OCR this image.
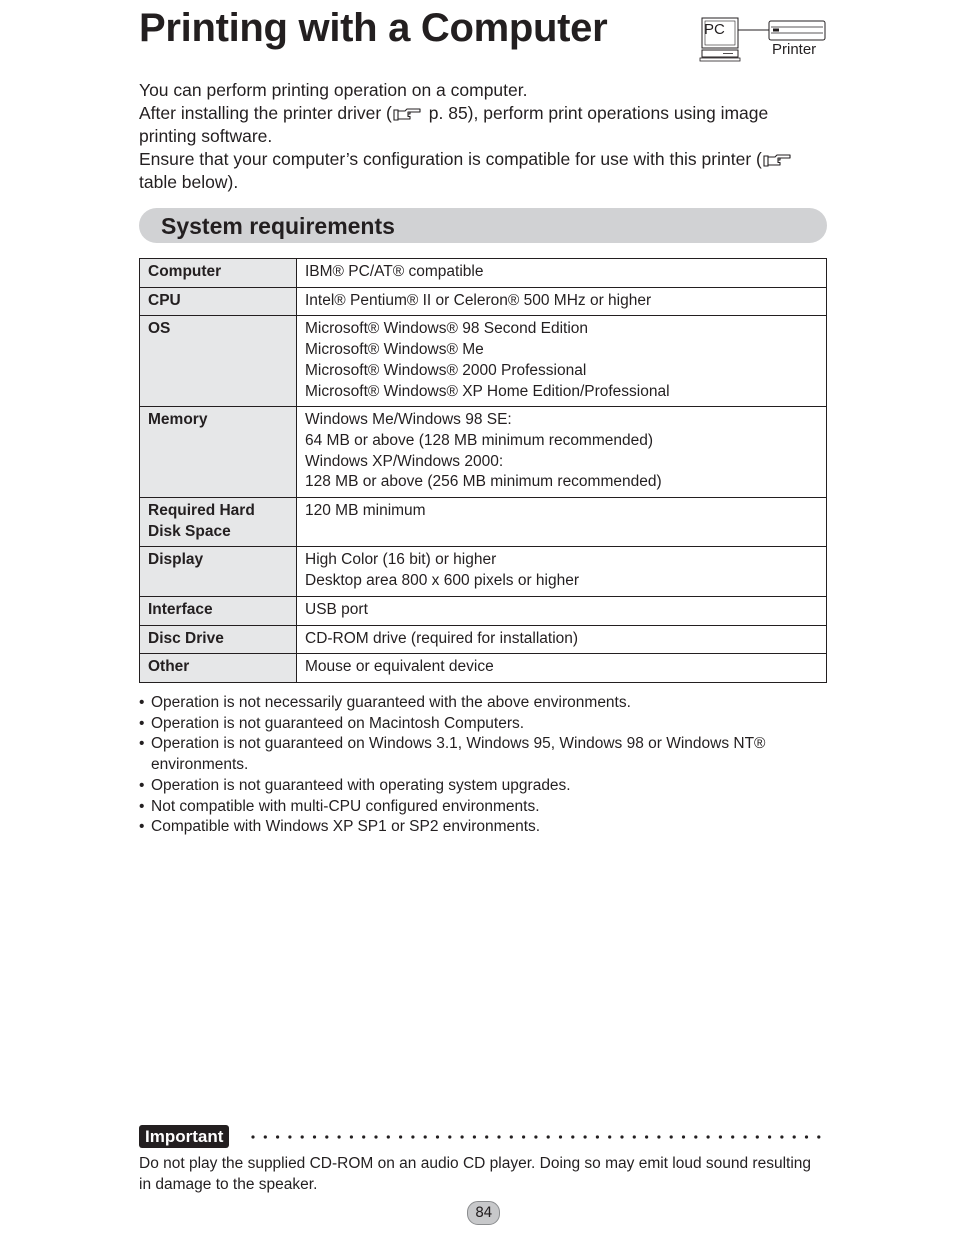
Printing with a Computer	PC
Printer

You can perform printing operation on a computer.

After installing the printer driver ( p. 85), perform print operations using image printing software.

Ensure that your computer’s configuration is compatible for use with this printer ( table below).

System requirements
Computer	IBM® PC/AT® compatible

CPU	Intel® Pentium® II or Celeron® 500 MHz or higher

OS	Microsoft® Windows® 98 Second Edition
Microsoft® Windows® Me
Microsoft® Windows® 2000 Professional
Microsoft® Windows® XP Home Edition/Professional

Memory	Windows Me/Windows 98 SE:
64 MB or above (128 MB minimum recommended)
Windows XP/Windows 2000:
128 MB or above (256 MB minimum recommended)

Required Hard Disk Space	120 MB minimum

Display	High Color (16 bit) or higher
Desktop area 800 x 600 pixels or higher

Interface	USB port

Disc Drive	CD-ROM drive (required for installation)

Other	Mouse or equivalent device
• Operation is not necessarily guaranteed with the above environments.
• Operation is not guaranteed on Macintosh Computers.
• Operation is not guaranteed on Windows 3.1, Windows 95, Windows 98 or Windows NT® environments.
• Operation is not guaranteed with operating system upgrades.
• Not compatible with multi-CPU configured environments.
• Compatible with Windows XP SP1 or SP2 environments.
Important

Do not play the supplied CD-ROM on an audio CD player. Doing so may emit loud sound resulting in damage to the speaker.

84
